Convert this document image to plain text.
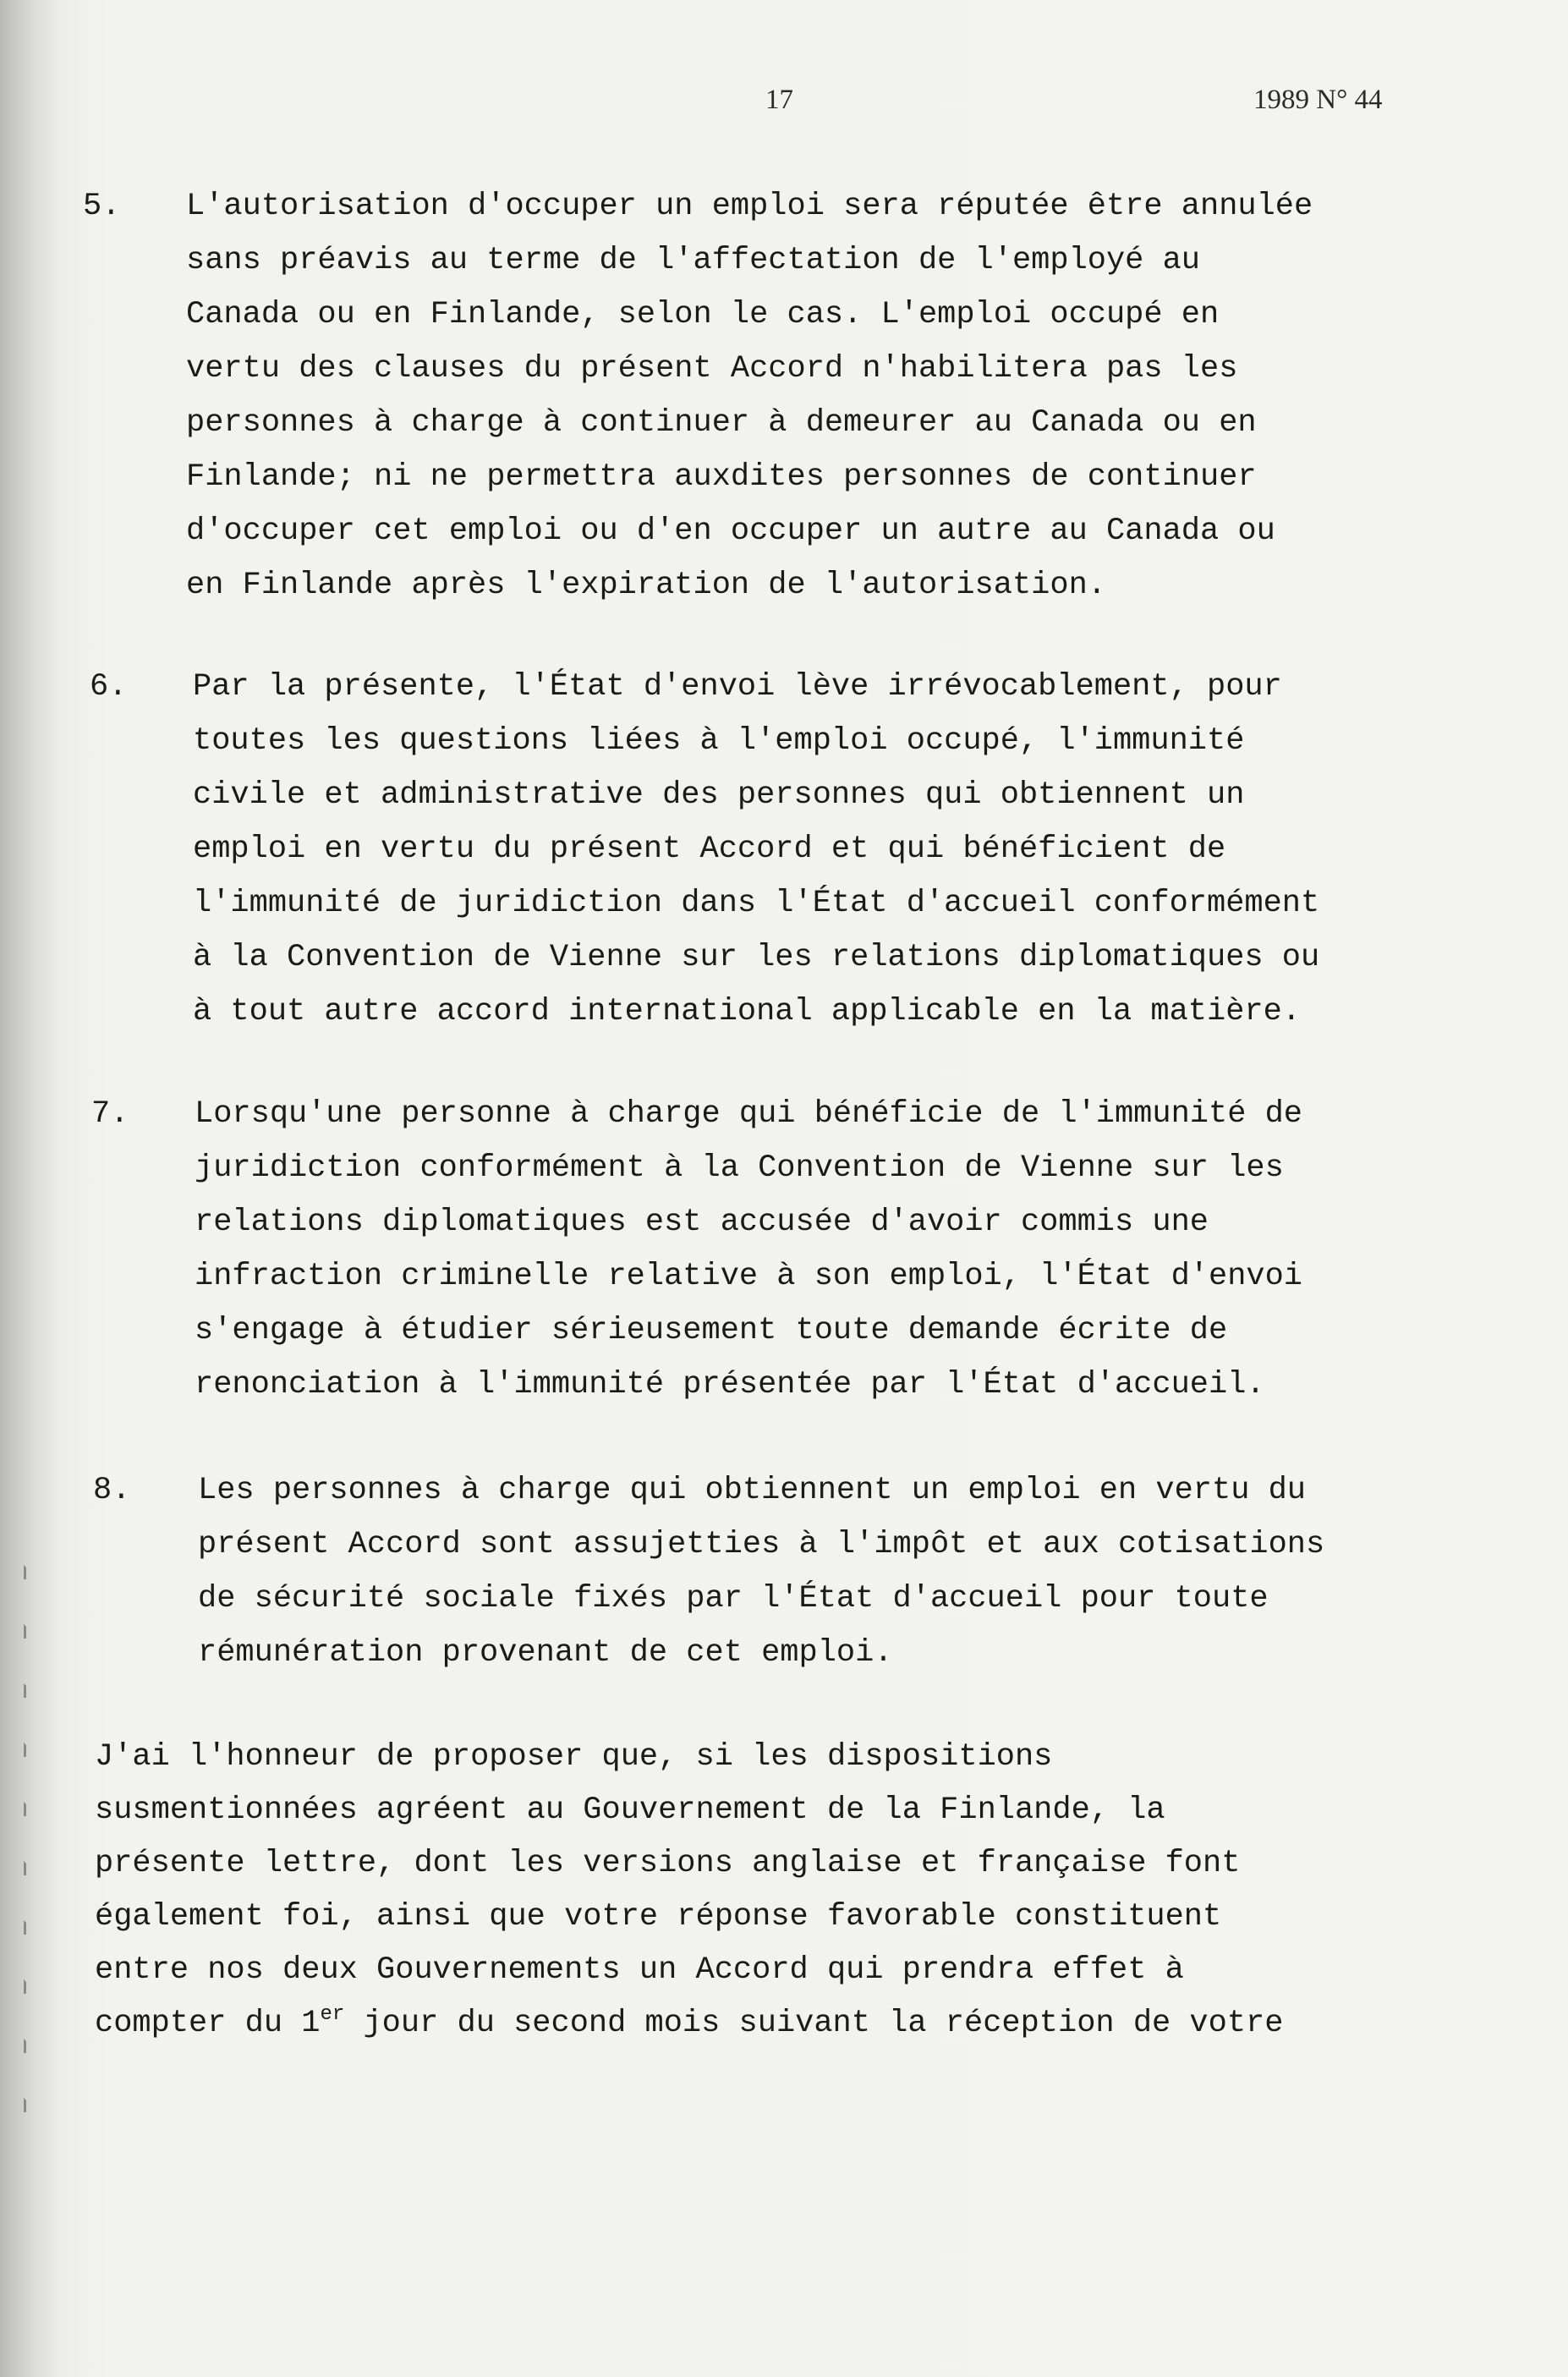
17	1989 N° 44
5. L'autorisation d'occuper un emploi sera réputée être annulée
sans préavis au terme de l'affectation de l'employé au
Canada ou en Finlande, selon le cas. L'emploi occupé en
vertu des clauses du présent Accord n'habilitera pas les
personnes à charge à continuer à demeurer au Canada ou en
Finlande; ni ne permettra auxdites personnes de continuer
d'occuper cet emploi ou d'en occuper un autre au Canada ou
en Finlande après l'expiration de l'autorisation.
6. Par la présente, l'État d'envoi lève irrévocablement, pour
toutes les questions liées à l'emploi occupé, l'immunité
civile et administrative des personnes qui obtiennent un
emploi en vertu du présent Accord et qui bénéficient de
l'immunité de juridiction dans l'État d'accueil conformément
à la Convention de Vienne sur les relations diplomatiques ou
à tout autre accord international applicable en la matière.
7. Lorsqu'une personne à charge qui bénéficie de l'immunité de
juridiction conformément à la Convention de Vienne sur les
relations diplomatiques est accusée d'avoir commis une
infraction criminelle relative à son emploi, l'État d'envoi
s'engage à étudier sérieusement toute demande écrite de
renonciation à l'immunité présentée par l'État d'accueil.
8. Les personnes à charge qui obtiennent un emploi en vertu du
présent Accord sont assujetties à l'impôt et aux cotisations
de sécurité sociale fixés par l'État d'accueil pour toute
rémunération provenant de cet emploi.
J'ai l'honneur de proposer que, si les dispositions
susmentionnées agréent au Gouvernement de la Finlande, la
présente lettre, dont les versions anglaise et française font
également foi, ainsi que votre réponse favorable constituent
entre nos deux Gouvernements un Accord qui prendra effet à
compter du 1er jour du second mois suivant la réception de votre
